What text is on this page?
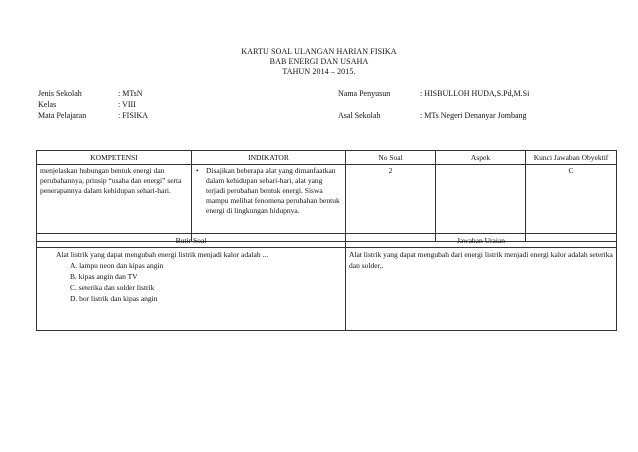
KARTU SOAL ULANGAN HARIAN FISIKA
BAB ENERGI DAN USAHA
TAHUN 2014 – 2015.
Jenis Sekolah	: MTsN
Kelas	: VIII
Mata Pelajaran	: FISIKA
Nama Penyusun	: HISBULLOH HUDA,S.Pd,M.Si

Asal Sekolah	: MTs Negeri Denanyar Jombang
KOMPETENSI	INDIKATOR	No Soal	Aspek	Kunci Jawaban Obyektif
menjelaskan hubungan bentuk energi dan perubahannya, prinsip “usaha dan energi” serta penerapannya dalam kehidupan sehari-hari.	• Disajikan beberapa alat yang dimanfaatkan dalam kehidupan sehari-hari, alat yang terjadi perubahan bentuk energi. Siswa mampu melihat fenomena perubahan bentuk energi di lingkungan hidupnya.	2		C
Butir Soal	Jawaban Uraian

Alat listrik yang dapat mengubah energi listrik menjadi kalor adalah ...
A. lampu neon dan kipas angin
B. kipas angin dan TV
C. seterika dan solder listrik
D. bor listrik dan kipas angin	Alat listrik yang dapat mengubah dari energi listrik menjadi energi kalor adalah seterika dan solder,.
